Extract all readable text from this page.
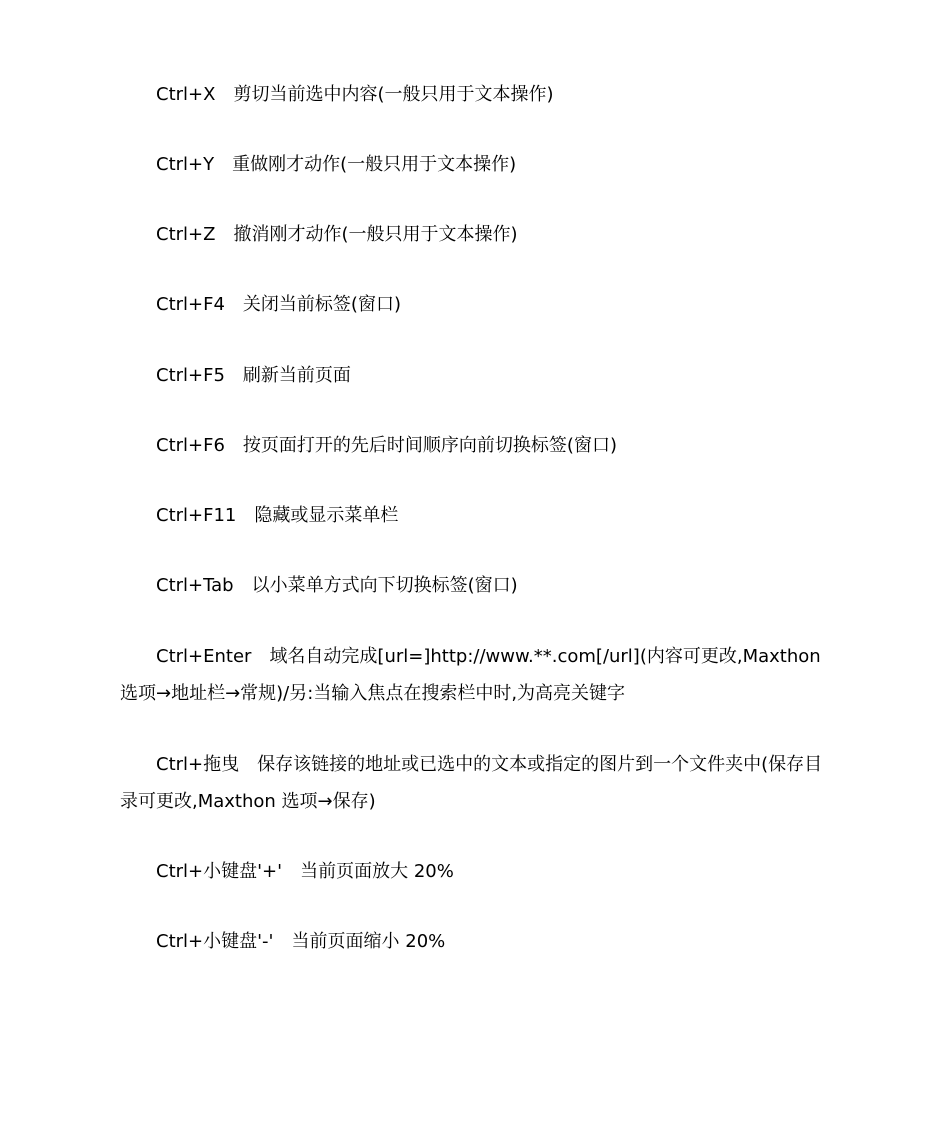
Ctrl+X 剪切当前选中内容(一般只用于文本操作)

Ctrl+Y 重做刚才动作(一般只用于文本操作)

Ctrl+Z 撤消刚才动作(一般只用于文本操作)

Ctrl+F4 关闭当前标签(窗口)

Ctrl+F5 刷新当前页面

Ctrl+F6 按页面打开的先后时间顺序向前切换标签(窗口)

Ctrl+F11 隐藏或显示菜单栏

Ctrl+Tab 以小菜单方式向下切换标签(窗口)

Ctrl+Enter 域名自动完成[url=]http://www.**.com[/url](内容可更改,Maxthon 选项→地址栏→常规)/另:当输入焦点在搜索栏中时,为高亮关键字

Ctrl+拖曳 保存该链接的地址或已选中的文本或指定的图片到一个文件夹中(保存目录可更改,Maxthon 选项→保存)

Ctrl+小键盘'+' 当前页面放大 20%

Ctrl+小键盘'-' 当前页面缩小 20%
